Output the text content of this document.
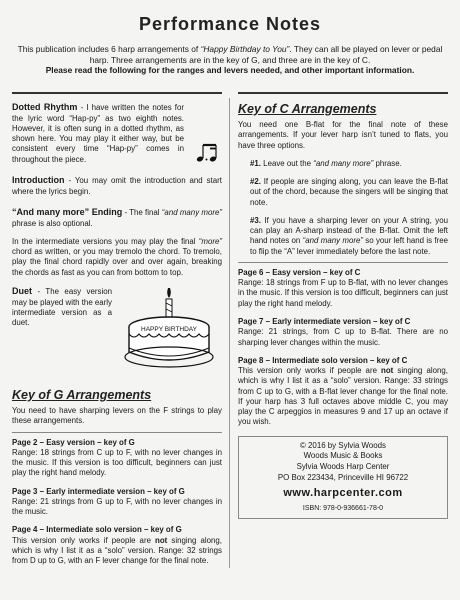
Performance Notes
This publication includes 6 harp arrangements of “Happy Birthday to You”. They can all be played on lever or pedal harp. Three arrangements are in the key of G, and three are in the key of C.
Please read the following for the ranges and levers needed, and other important information.

Dotted Rhythm - I have written the notes for the lyric word “Hap-py” as two eighth notes. However, it is often sung in a dotted rhythm, as shown here. You may play it either way, but be consistent every time “Hap-py” comes in throughout the piece.

Introduction - You may omit the introduction and start where the lyrics begin.

“And many more” Ending - The final “and many more” phrase is also optional.

In the intermediate versions you may play the final “more” chord as written, or you may tremolo the chord. To tremolo, play the final chord rapidly over and over again, breaking the chords as fast as you can from bottom to top.

Duet - The easy version may be played with the early intermediate version as a duet.

HAPPY BIRTHDAY
Key of G Arrangements

You need to have sharping levers on the F strings to play these arrangements.

Page 2 – Easy version – key of G
Range: 18 strings from C up to F, with no lever changes in the music. If this version is too difficult, beginners can just play the right hand melody.

Page 3 – Early intermediate version – key of G
Range: 21 strings from G up to F, with no lever changes in the music.

Page 4 – Intermediate solo version – key of G
This version only works if people are not singing along, which is why I list it as a “solo” version. Range: 32 strings from D up to G, with an F lever change for the final note.

Key of C Arrangements

You need one B-flat for the final note of these arrangements. If your lever harp isn’t tuned to flats, you have three options.

#1. Leave out the “and many more” phrase.

#2. If people are singing along, you can leave the B-flat out of the chord, because the singers will be singing that note.

#3. If you have a sharping lever on your A string, you can play an A-sharp instead of the B-flat. Omit the left hand notes on “and many more” so your left hand is free to flip the “A” lever immediately before the last note.

Page 6 – Easy version – key of C
Range: 18 strings from F up to B-flat, with no lever changes in the music. If this version is too difficult, beginners can just play the right hand melody.

Page 7 – Early intermediate version – key of C
Range: 21 strings, from C up to B-flat. There are no sharping lever changes within the music.

Page 8 – Intermediate solo version – key of C
This version only works if people are not singing along, which is why I list it as a “solo” version. Range: 33 strings from C up to G, with a B-flat lever change for the final note. If your harp has 3 full octaves above middle C, you may play the C arpeggios in measures 9 and 17 up an octave if you wish.

© 2016 by Sylvia Woods
Woods Music & Books
Sylvia Woods Harp Center
PO Box 223434, Princeville HI 96722
www.harpcenter.com
ISBN: 978-0-936661-78-0
